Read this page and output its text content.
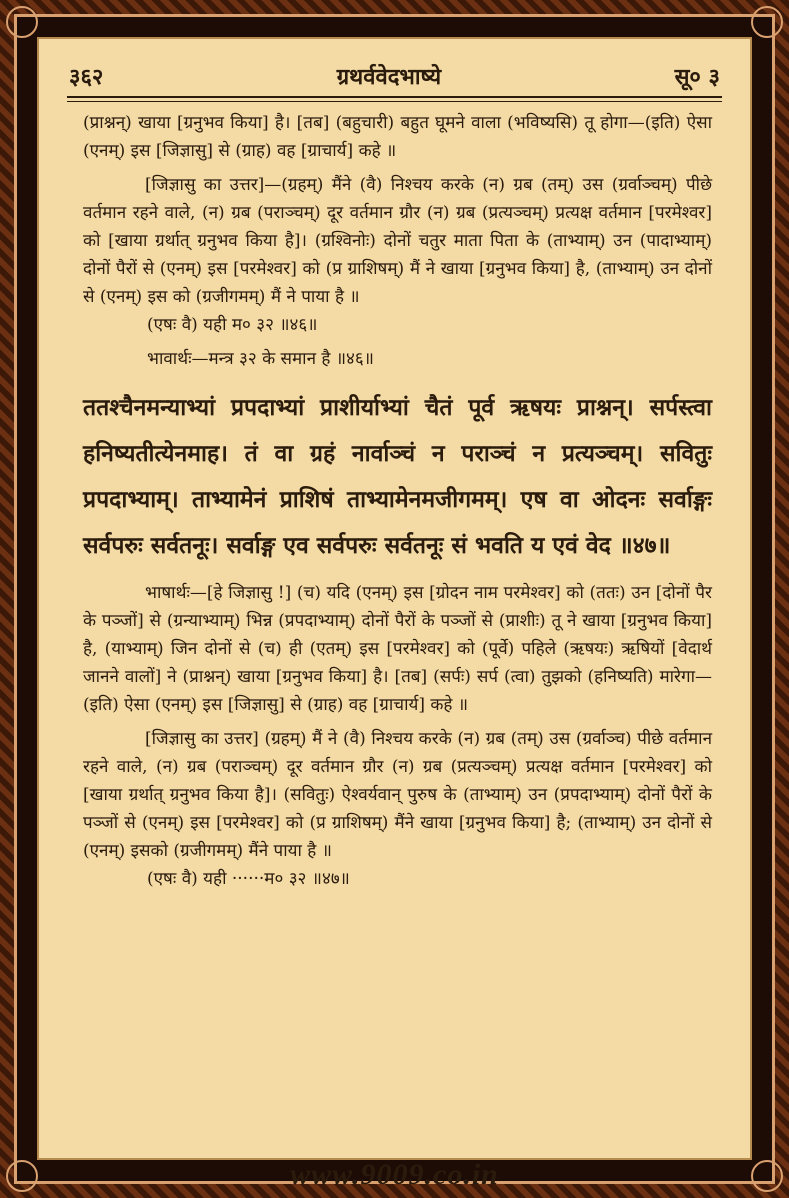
३६२	ग्रथर्ववेदभाष्ये	सू० ३

(प्राश्नन्) खाया [ग्रनुभव किया] है। [तब] (बहुचारी) बहुत घूमने वाला (भविष्यसि) तू होगा—(इति) ऐसा (एनम्) इस [जिज्ञासु] से (ग्राह) वह [ग्राचार्य] कहे ॥

[जिज्ञासु का उत्तर]—(ग्रहम्) मैंने (वै) निश्चय करके (न) ग्रब (तम्) उस (ग्रर्वाञ्चम्) पीछे वर्तमान रहने वाले, (न) ग्रब (पराञ्चम्) दूर वर्तमान ग्रौर (न) ग्रब (प्रत्यञ्चम्) प्रत्यक्ष वर्तमान [परमेश्वर] को [खाया ग्रर्थात् ग्रनुभव किया है]। (ग्रश्विनोः) दोनों चतुर माता पिता के (ताभ्याम्) उन (पादाभ्याम्) दोनों पैरों से (एनम्) इस [परमेश्वर] को (प्र ग्राशिषम्) मैं ने खाया [ग्रनुभव किया] है, (ताभ्याम्) उन दोनों से (एनम्) इस को (ग्रजीगमम्) मैं ने पाया है ॥

(एषः वै) यही म० ३२ ॥४६॥

भावार्थः—मन्त्र ३२ के समान है ॥४६॥

ततश्चैनमन्याभ्यां प्रपदाभ्यां प्राशीर्याभ्यां चैतं पूर्व ऋषयः प्राश्नन्। सर्पस्त्वा हनिष्यतीत्येनमाह। तं वा ग्रहं नार्वाञ्चं न पराञ्चं न प्रत्यञ्चम्। सवितुः प्रपदाभ्याम्। ताभ्यामेनं प्राशिषं ताभ्यामेनमजीगमम्। एष वा ओदनः सर्वाङ्गः सर्वपरुः सर्वतनूः। सर्वाङ्ग एव सर्वपरुः सर्वतनूः सं भवति य एवं वेद ॥४७॥

भाषार्थः—[हे जिज्ञासु !] (च) यदि (एनम्) इस [ग्रोदन नाम परमेश्वर] को (ततः) उन [दोनों पैर के पञ्जों] से (ग्रन्याभ्याम्) भिन्न (प्रपदाभ्याम्) दोनों पैरों के पञ्जों से (प्राशीः) तू ने खाया [ग्रनुभव किया] है, (याभ्याम्) जिन दोनों से (च) ही (एतम्) इस [परमेश्वर] को (पूर्वे) पहिले (ऋषयः) ऋषियों [वेदार्थ जानने वालों] ने (प्राश्नन्) खाया [ग्रनुभव किया] है। [तब] (सर्पः) सर्प (त्वा) तुझको (हनिष्यति) मारेगा—(इति) ऐसा (एनम्) इस [जिज्ञासु] से (ग्राह) वह [ग्राचार्य] कहे ॥

[जिज्ञासु का उत्तर] (ग्रहम्) मैं ने (वै) निश्चय करके (न) ग्रब (तम्) उस (ग्रर्वाञ्च) पीछे वर्तमान रहने वाले, (न) ग्रब (पराञ्चम्) दूर वर्तमान ग्रौर (न) ग्रब (प्रत्यञ्चम्) प्रत्यक्ष वर्तमान [परमेश्वर] को [खाया ग्रर्थात् ग्रनुभव किया है]। (सवितुः) ऐश्वर्यवान् पुरुष के (ताभ्याम्) उन (प्रपदाभ्याम्) दोनों पैरों के पञ्जों से (एनम्) इस [परमेश्वर] को (प्र ग्राशिषम्) मैंने खाया [ग्रनुभव किया] है; (ताभ्याम्) उन दोनों से (एनम्) इसको (ग्रजीगमम्) मैंने पाया है ॥

(एषः वै) यही ······म० ३२ ॥४७॥

www.9009.co.in
